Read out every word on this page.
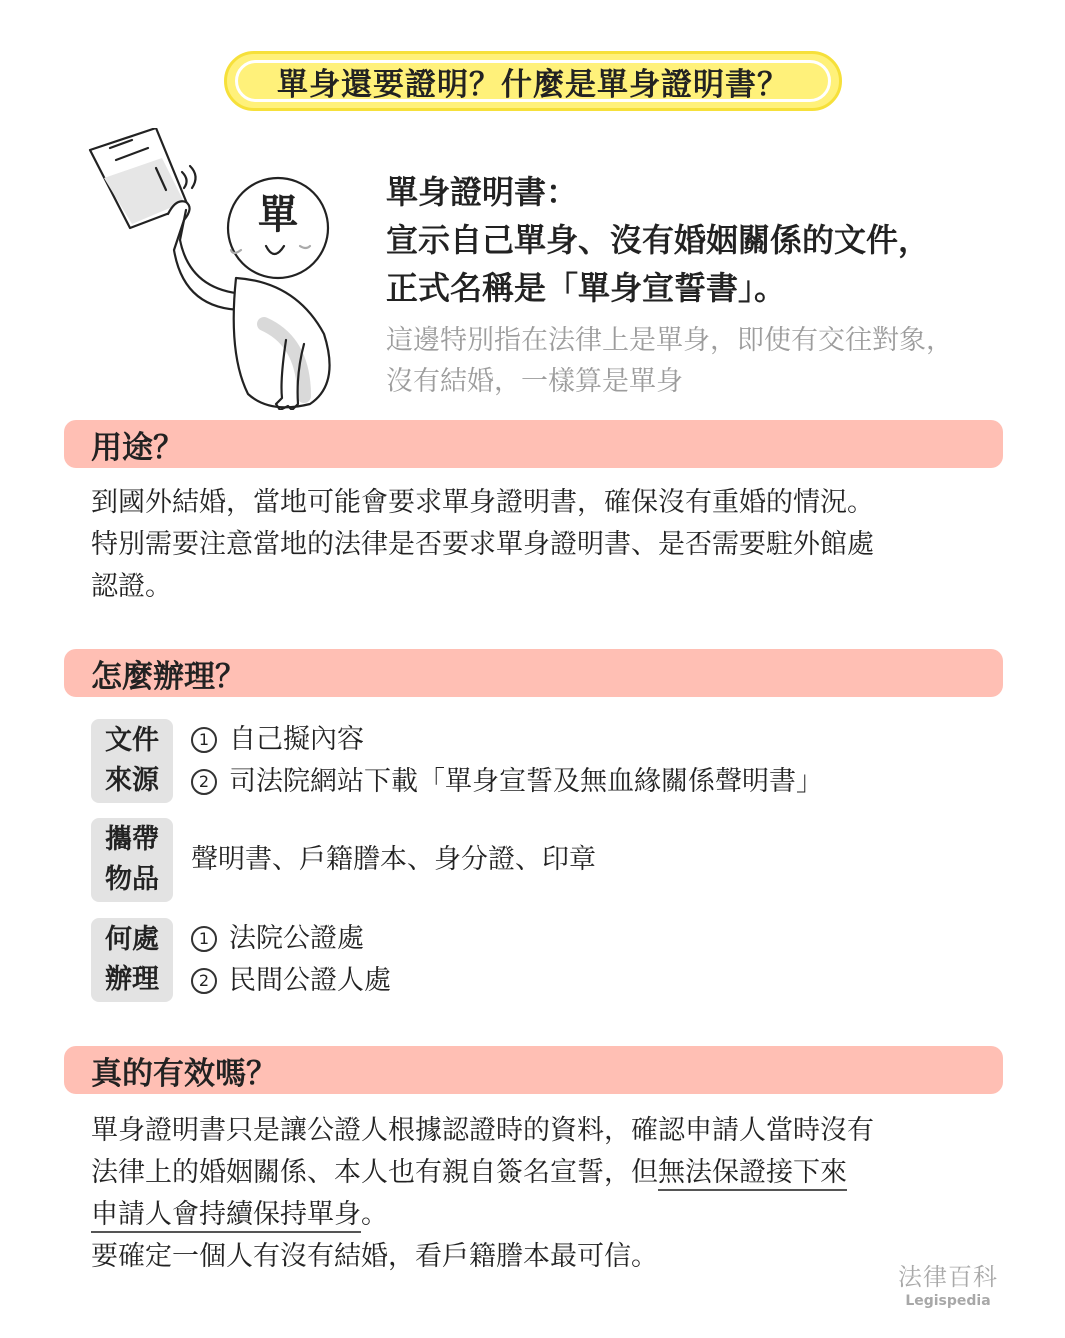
單身還要證明？什麼是單身證明書？
單	單身證明書：
宣示自己單身、沒有婚姻關係的文件，
正式名稱是「單身宣誓書」。
這邊特別指在法律上是單身，即使有交往對象，
沒有結婚，一樣算是單身
用途？
到國外結婚，當地可能會要求單身證明書，確保沒有重婚的情況。
特別需要注意當地的法律是否要求單身證明書、是否需要駐外館處
認證。
怎麼辦理？
文件
來源
1 自己擬內容
2 司法院網站下載「單身宣誓及無血緣關係聲明書」
攜帶
物品
聲明書、戶籍謄本、身分證、印章
何處
辦理
1 法院公證處
2 民間公證人處
真的有效嗎？
單身證明書只是讓公證人根據認證時的資料，確認申請人當時沒有
法律上的婚姻關係、本人也有親自簽名宣誓，但無法保證接下來
申請人會持續保持單身。
要確定一個人有沒有結婚，看戶籍謄本最可信。
法律百科
Legispedia
